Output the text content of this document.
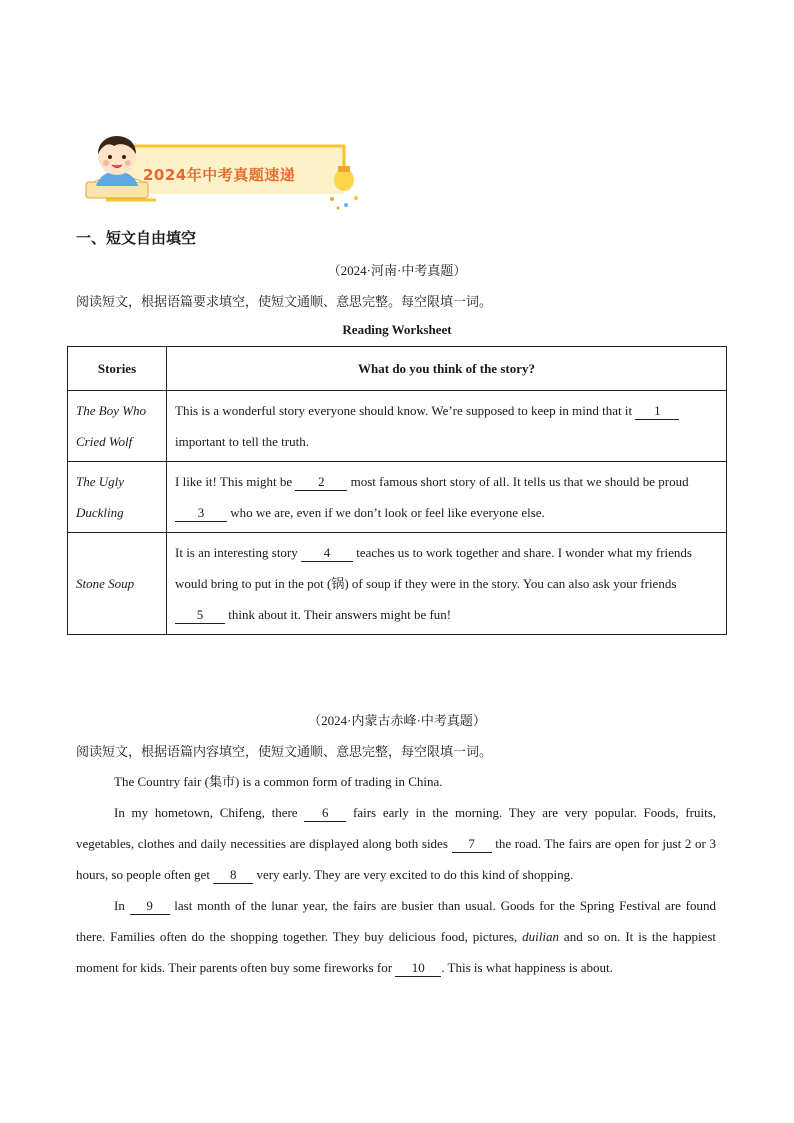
2024年中考真题速递
一、短文自由填空
（2024·河南·中考真题）
阅读短文，根据语篇要求填空，使短文通顺、意思完整。每空限填一词。
Reading Worksheet
Stories	What do you think of the story?
The Boy Who
Cried Wolf	This is a wonderful story everyone should know. We’re supposed to keep in mind that it 1
important to tell the truth.
The Ugly
Duckling	I like it! This might be 2 most famous short story of all. It tells us that we should be proud 3 who we are, even if we don’t look or feel like everyone else.
Stone Soup	It is an interesting story 4 teaches us to work together and share. I wonder what my friends would bring to put in the pot (锅) of soup if they were in the story. You can also ask your friends 5 think about it. Their answers might be fun!
（2024·内蒙古赤峰·中考真题）
阅读短文，根据语篇内容填空，使短文通顺、意思完整，每空限填一词。
The Country fair (集市) is a common form of trading in China.
In my hometown, Chifeng, there 6 fairs early in the morning. They are very popular. Foods, fruits, vegetables, clothes and daily necessities are displayed along both sides 7 the road. The fairs are open for just 2 or 3 hours, so people often get 8 very early. They are very excited to do this kind of shopping.
In 9 last month of the lunar year, the fairs are busier than usual. Goods for the Spring Festival are found there. Families often do the shopping together. They buy delicious food, pictures, duilian and so on. It is the happiest moment for kids. Their parents often buy some fireworks for 10 . This is what happiness is about.
